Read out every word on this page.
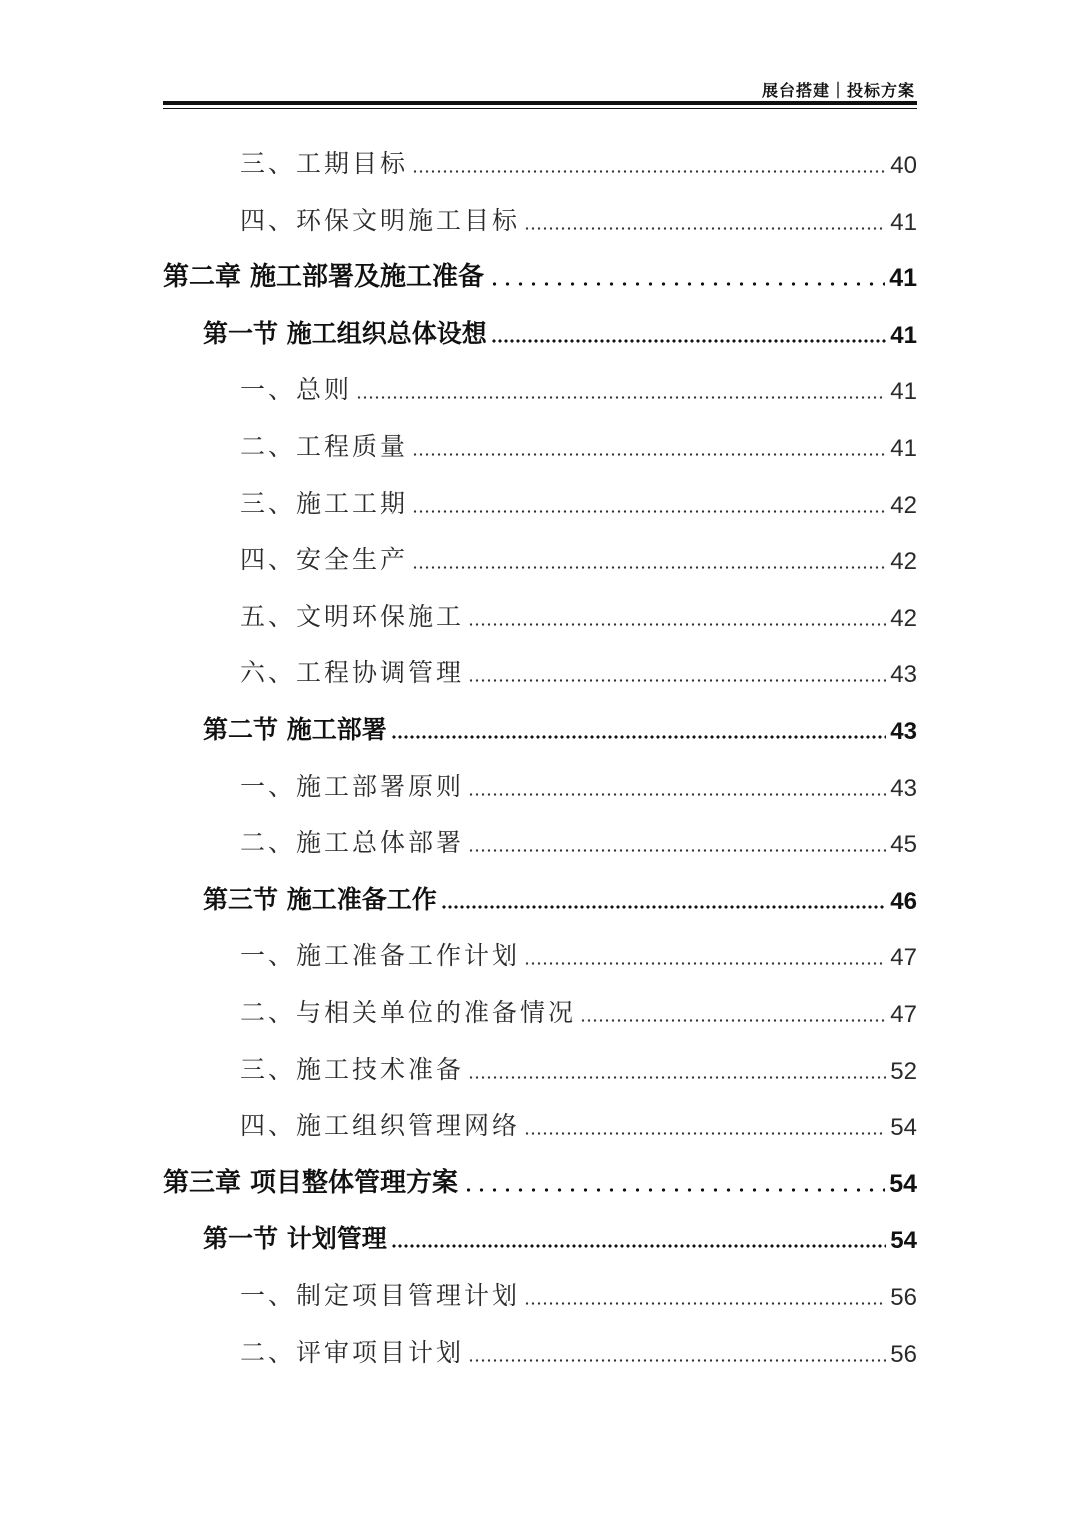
展台搭建｜投标方案
三、工期目标	40
四、环保文明施工目标	41
第二章 施工部署及施工准备	41
第一节 施工组织总体设想	41
一、总则	41
二、工程质量	41
三、施工工期	42
四、安全生产	42
五、文明环保施工	42
六、工程协调管理	43
第二节 施工部署	43
一、施工部署原则	43
二、施工总体部署	45
第三节 施工准备工作	46
一、施工准备工作计划	47
二、与相关单位的准备情况	47
三、施工技术准备	52
四、施工组织管理网络	54
第三章 项目整体管理方案	54
第一节 计划管理	54
一、制定项目管理计划	56
二、评审项目计划	56
